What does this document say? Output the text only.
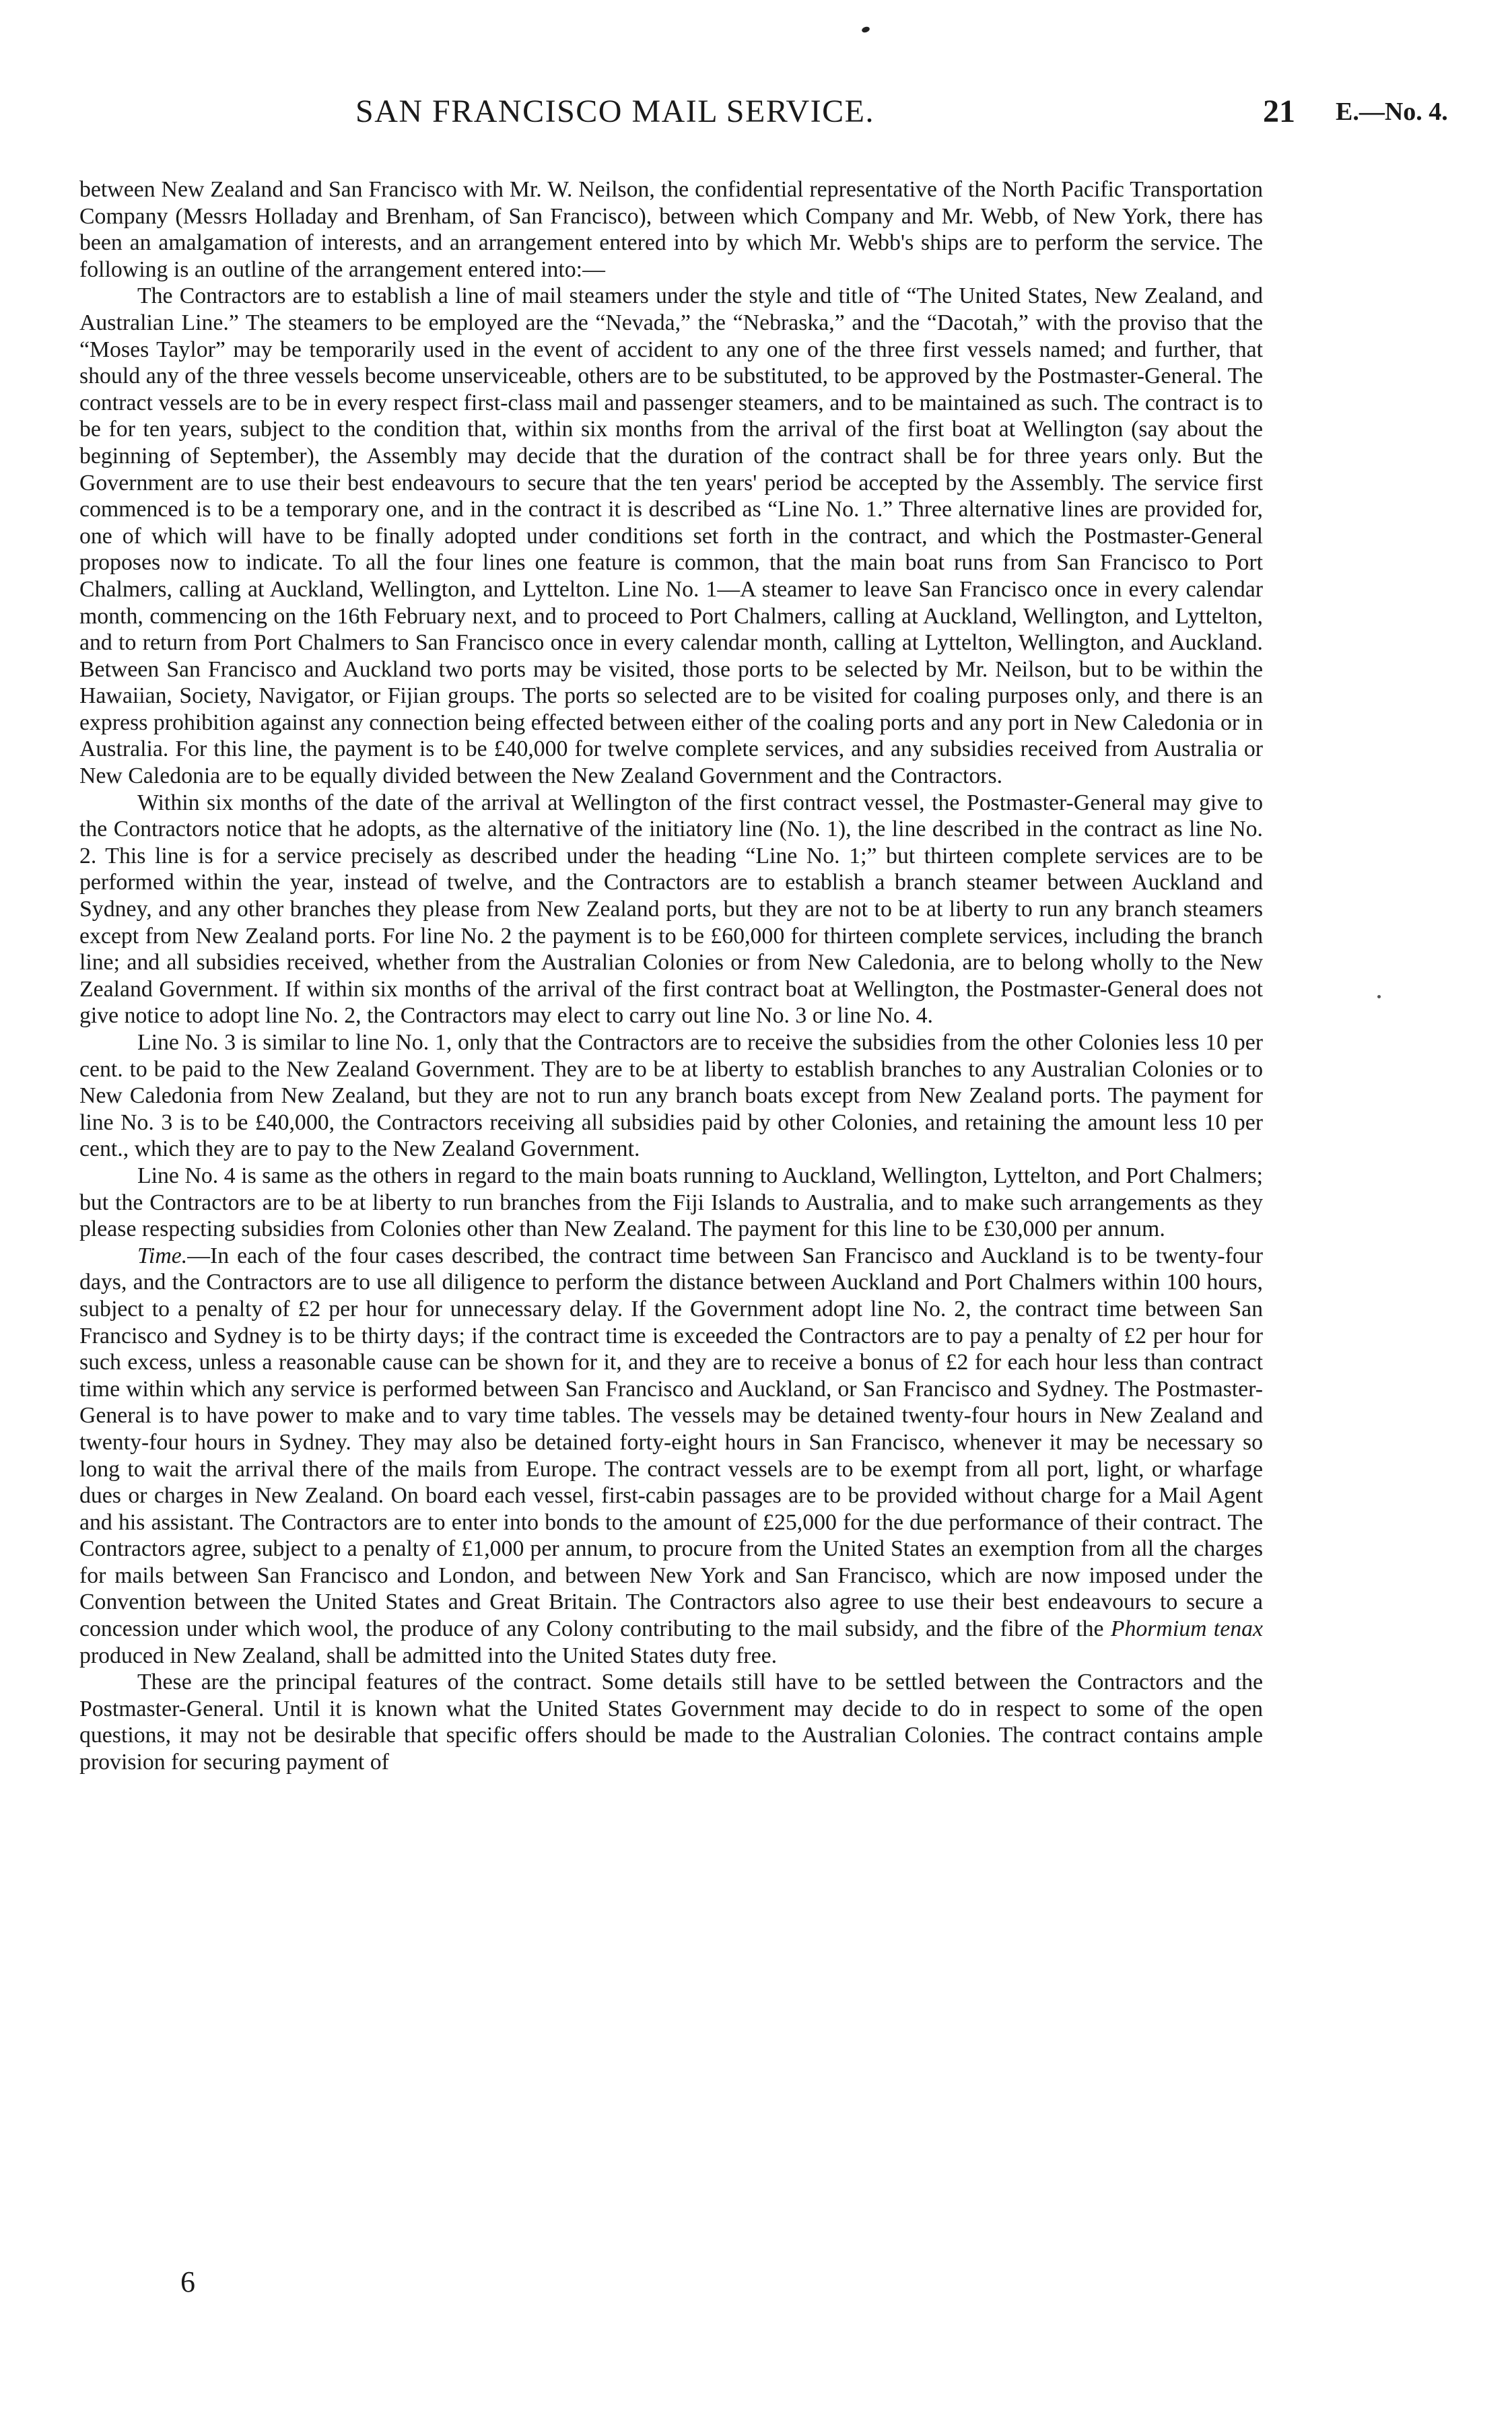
SAN FRANCISCO MAIL SERVICE.	21 E.—No. 4.

between New Zealand and San Francisco with Mr. W. Neilson, the confidential representative of the North Pacific Transportation Company (Messrs Holladay and Brenham, of San Francisco), between which Company and Mr. Webb, of New York, there has been an amalgamation of interests, and an arrangement entered into by which Mr. Webb's ships are to perform the service. The following is an outline of the arrangement entered into:—

The Contractors are to establish a line of mail steamers under the style and title of “The United States, New Zealand, and Australian Line.” The steamers to be employed are the “Nevada,” the “Nebraska,” and the “Dacotah,” with the proviso that the “Moses Taylor” may be temporarily used in the event of accident to any one of the three first vessels named; and further, that should any of the three vessels become unserviceable, others are to be substituted, to be approved by the Postmaster-General. The contract vessels are to be in every respect first-class mail and passenger steamers, and to be maintained as such. The contract is to be for ten years, subject to the condition that, within six months from the arrival of the first boat at Wellington (say about the beginning of September), the Assembly may decide that the duration of the contract shall be for three years only. But the Government are to use their best endeavours to secure that the ten years' period be accepted by the Assembly. The service first commenced is to be a temporary one, and in the contract it is described as “Line No. 1.” Three alternative lines are provided for, one of which will have to be finally adopted under conditions set forth in the contract, and which the Postmaster-General proposes now to indicate. To all the four lines one feature is common, that the main boat runs from San Francisco to Port Chalmers, calling at Auckland, Wellington, and Lyttelton. Line No. 1—A steamer to leave San Francisco once in every calendar month, commencing on the 16th February next, and to proceed to Port Chalmers, calling at Auckland, Wellington, and Lyttelton, and to return from Port Chalmers to San Francisco once in every calendar month, calling at Lyttelton, Wellington, and Auckland. Between San Francisco and Auckland two ports may be visited, those ports to be selected by Mr. Neilson, but to be within the Hawaiian, Society, Navigator, or Fijian groups. The ports so selected are to be visited for coaling purposes only, and there is an express prohibition against any connection being effected between either of the coaling ports and any port in New Caledonia or in Australia. For this line, the payment is to be £40,000 for twelve complete services, and any subsidies received from Australia or New Caledonia are to be equally divided between the New Zealand Government and the Contractors.

Within six months of the date of the arrival at Wellington of the first contract vessel, the Postmaster-General may give to the Contractors notice that he adopts, as the alternative of the initiatory line (No. 1), the line described in the contract as line No. 2. This line is for a service precisely as described under the heading “Line No. 1;” but thirteen complete services are to be performed within the year, instead of twelve, and the Contractors are to establish a branch steamer between Auckland and Sydney, and any other branches they please from New Zealand ports, but they are not to be at liberty to run any branch steamers except from New Zealand ports. For line No. 2 the payment is to be £60,000 for thirteen complete services, including the branch line; and all subsidies received, whether from the Australian Colonies or from New Caledonia, are to belong wholly to the New Zealand Government. If within six months of the arrival of the first contract boat at Wellington, the Postmaster-General does not give notice to adopt line No. 2, the Contractors may elect to carry out line No. 3 or line No. 4.

Line No. 3 is similar to line No. 1, only that the Contractors are to receive the subsidies from the other Colonies less 10 per cent. to be paid to the New Zealand Government. They are to be at liberty to establish branches to any Australian Colonies or to New Caledonia from New Zealand, but they are not to run any branch boats except from New Zealand ports. The payment for line No. 3 is to be £40,000, the Contractors receiving all subsidies paid by other Colonies, and retaining the amount less 10 per cent., which they are to pay to the New Zealand Government.

Line No. 4 is same as the others in regard to the main boats running to Auckland, Wellington, Lyttelton, and Port Chalmers; but the Contractors are to be at liberty to run branches from the Fiji Islands to Australia, and to make such arrangements as they please respecting subsidies from Colonies other than New Zealand. The payment for this line to be £30,000 per annum.

Time.—In each of the four cases described, the contract time between San Francisco and Auckland is to be twenty-four days, and the Contractors are to use all diligence to perform the distance between Auckland and Port Chalmers within 100 hours, subject to a penalty of £2 per hour for unnecessary delay. If the Government adopt line No. 2, the contract time between San Francisco and Sydney is to be thirty days; if the contract time is exceeded the Contractors are to pay a penalty of £2 per hour for such excess, unless a reasonable cause can be shown for it, and they are to receive a bonus of £2 for each hour less than contract time within which any service is performed between San Francisco and Auckland, or San Francisco and Sydney. The Postmaster-General is to have power to make and to vary time tables. The vessels may be detained twenty-four hours in New Zealand and twenty-four hours in Sydney. They may also be detained forty-eight hours in San Francisco, whenever it may be necessary so long to wait the arrival there of the mails from Europe. The contract vessels are to be exempt from all port, light, or wharfage dues or charges in New Zealand. On board each vessel, first-cabin passages are to be provided without charge for a Mail Agent and his assistant. The Contractors are to enter into bonds to the amount of £25,000 for the due performance of their contract. The Contractors agree, subject to a penalty of £1,000 per annum, to procure from the United States an exemption from all the charges for mails between San Francisco and London, and between New York and San Francisco, which are now imposed under the Convention between the United States and Great Britain. The Contractors also agree to use their best endeavours to secure a concession under which wool, the produce of any Colony contributing to the mail subsidy, and the fibre of the Phormium tenax produced in New Zealand, shall be admitted into the United States duty free.

These are the principal features of the contract. Some details still have to be settled between the Contractors and the Postmaster-General. Until it is known what the United States Government may decide to do in respect to some of the open questions, it may not be desirable that specific offers should be made to the Australian Colonies. The contract contains ample provision for securing payment of

6
